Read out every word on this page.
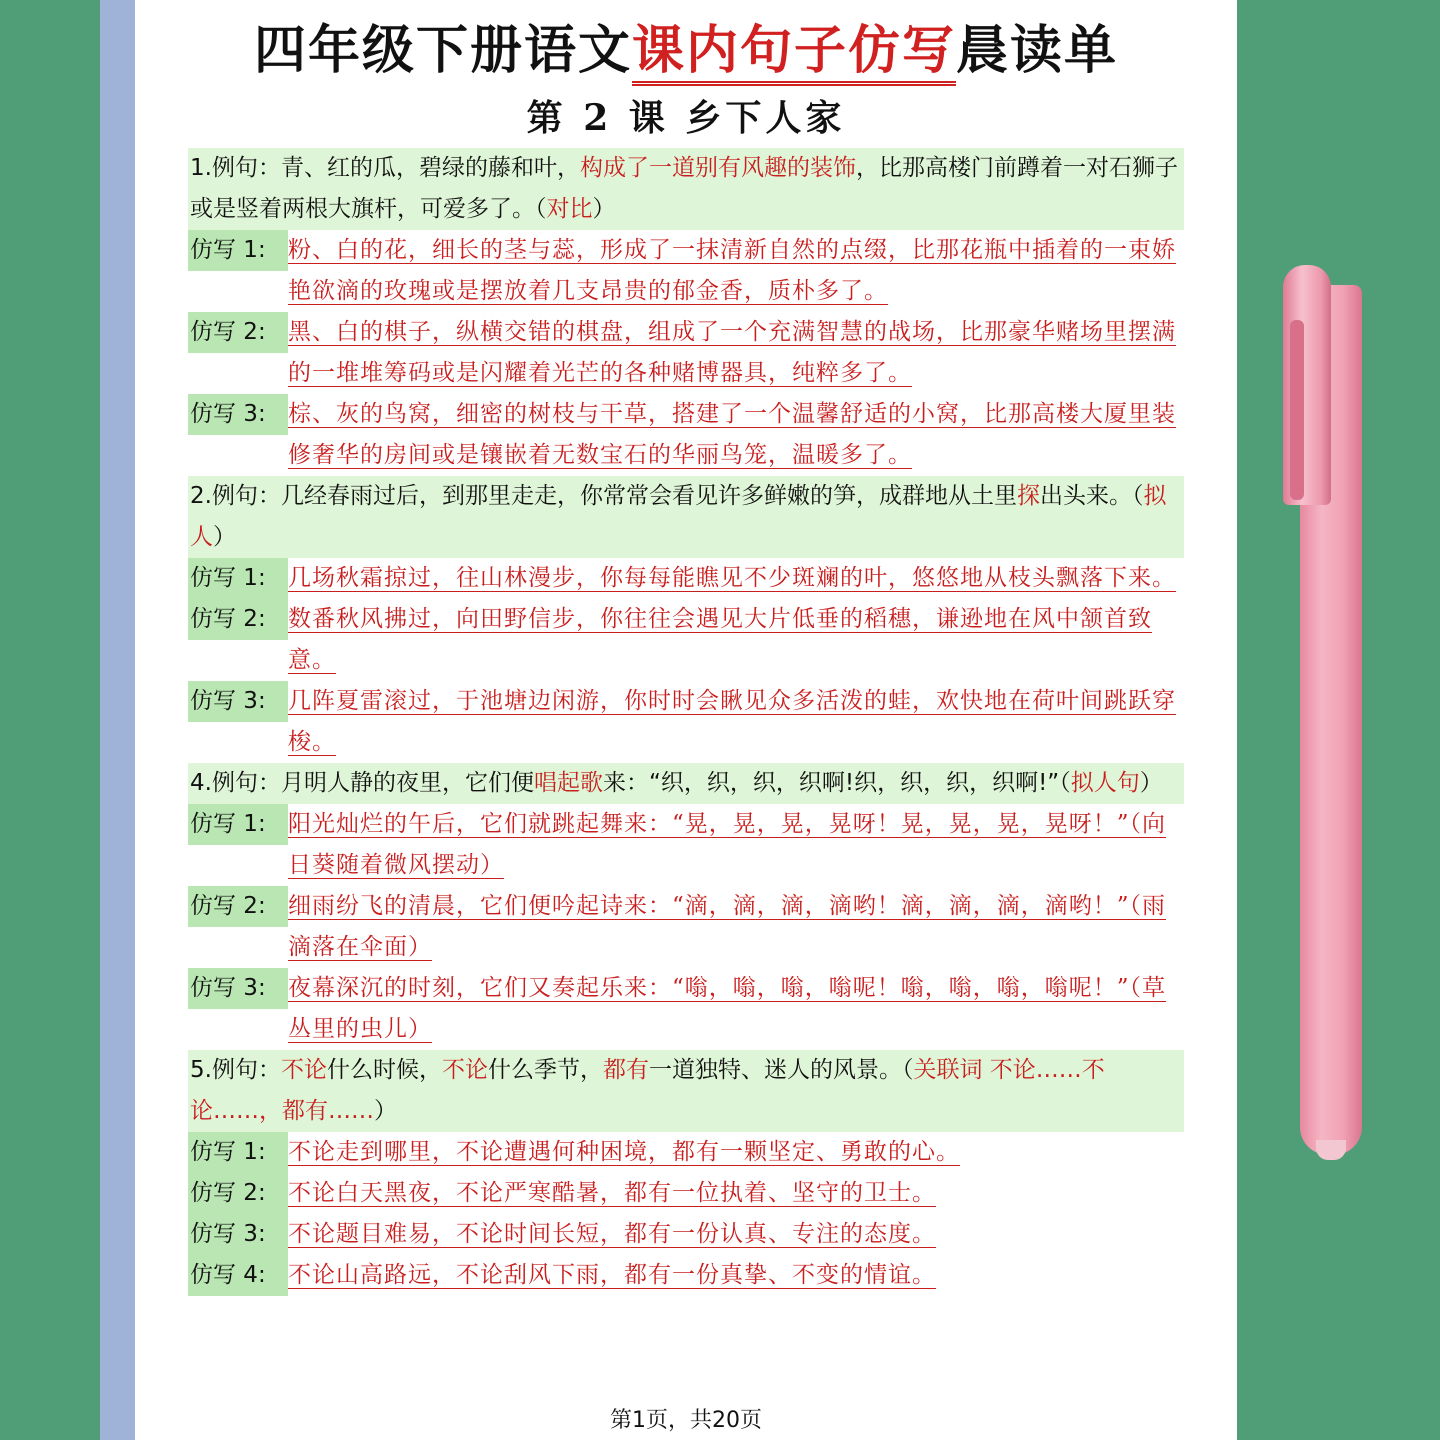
四年级下册语文课内句子仿写晨读单
第 2 课 乡下人家
1.例句：青、红的瓜，碧绿的藤和叶，构成了一道别有风趣的装饰，比那高楼门前蹲着一对石狮子或是竖着两根大旗杆，可爱多了。（对比）
仿写 1: 粉、白的花，细长的茎与蕊，形成了一抹清新自然的点缀，比那花瓶中插着的一束娇艳欲滴的玫瑰或是摆放着几支昂贵的郁金香，质朴多了。
仿写 2: 黑、白的棋子，纵横交错的棋盘，组成了一个充满智慧的战场，比那豪华赌场里摆满的一堆堆筹码或是闪耀着光芒的各种赌博器具，纯粹多了。
仿写 3: 棕、灰的鸟窝，细密的树枝与干草，搭建了一个温馨舒适的小窝，比那高楼大厦里装修奢华的房间或是镶嵌着无数宝石的华丽鸟笼，温暖多了。
2.例句：几经春雨过后，到那里走走，你常常会看见许多鲜嫩的笋，成群地从土里探出头来。（拟人）
仿写 1: 几场秋霜掠过，往山林漫步，你每每能瞧见不少斑斓的叶，悠悠地从枝头飘落下来。
仿写 2: 数番秋风拂过，向田野信步，你往往会遇见大片低垂的稻穗，谦逊地在风中颔首致意。
仿写 3: 几阵夏雷滚过，于池塘边闲游，你时时会瞅见众多活泼的蛙，欢快地在荷叶间跳跃穿梭。
4.例句：月明人静的夜里，它们便唱起歌来：“织，织，织，织啊!织，织，织，织啊!”（拟人句）
仿写 1: 阳光灿烂的午后，它们就跳起舞来：“晃，晃，晃，晃呀！晃，晃，晃，晃呀！”（向日葵随着微风摆动）
仿写 2: 细雨纷飞的清晨，它们便吟起诗来：“滴，滴，滴，滴哟！滴，滴，滴，滴哟！”（雨滴落在伞面）
仿写 3: 夜幕深沉的时刻，它们又奏起乐来：“嗡，嗡，嗡，嗡呢！嗡，嗡，嗡，嗡呢！”（草丛里的虫儿）
5.例句：不论什么时候，不论什么季节，都有一道独特、迷人的风景。（关联词 不论……不论……，都有……）
仿写 1: 不论走到哪里，不论遭遇何种困境，都有一颗坚定、勇敢的心。
仿写 2: 不论白天黑夜，不论严寒酷暑，都有一位执着、坚守的卫士。
仿写 3: 不论题目难易，不论时间长短，都有一份认真、专注的态度。
仿写 4: 不论山高路远，不论刮风下雨，都有一份真挚、不变的情谊。
第1页，共20页
